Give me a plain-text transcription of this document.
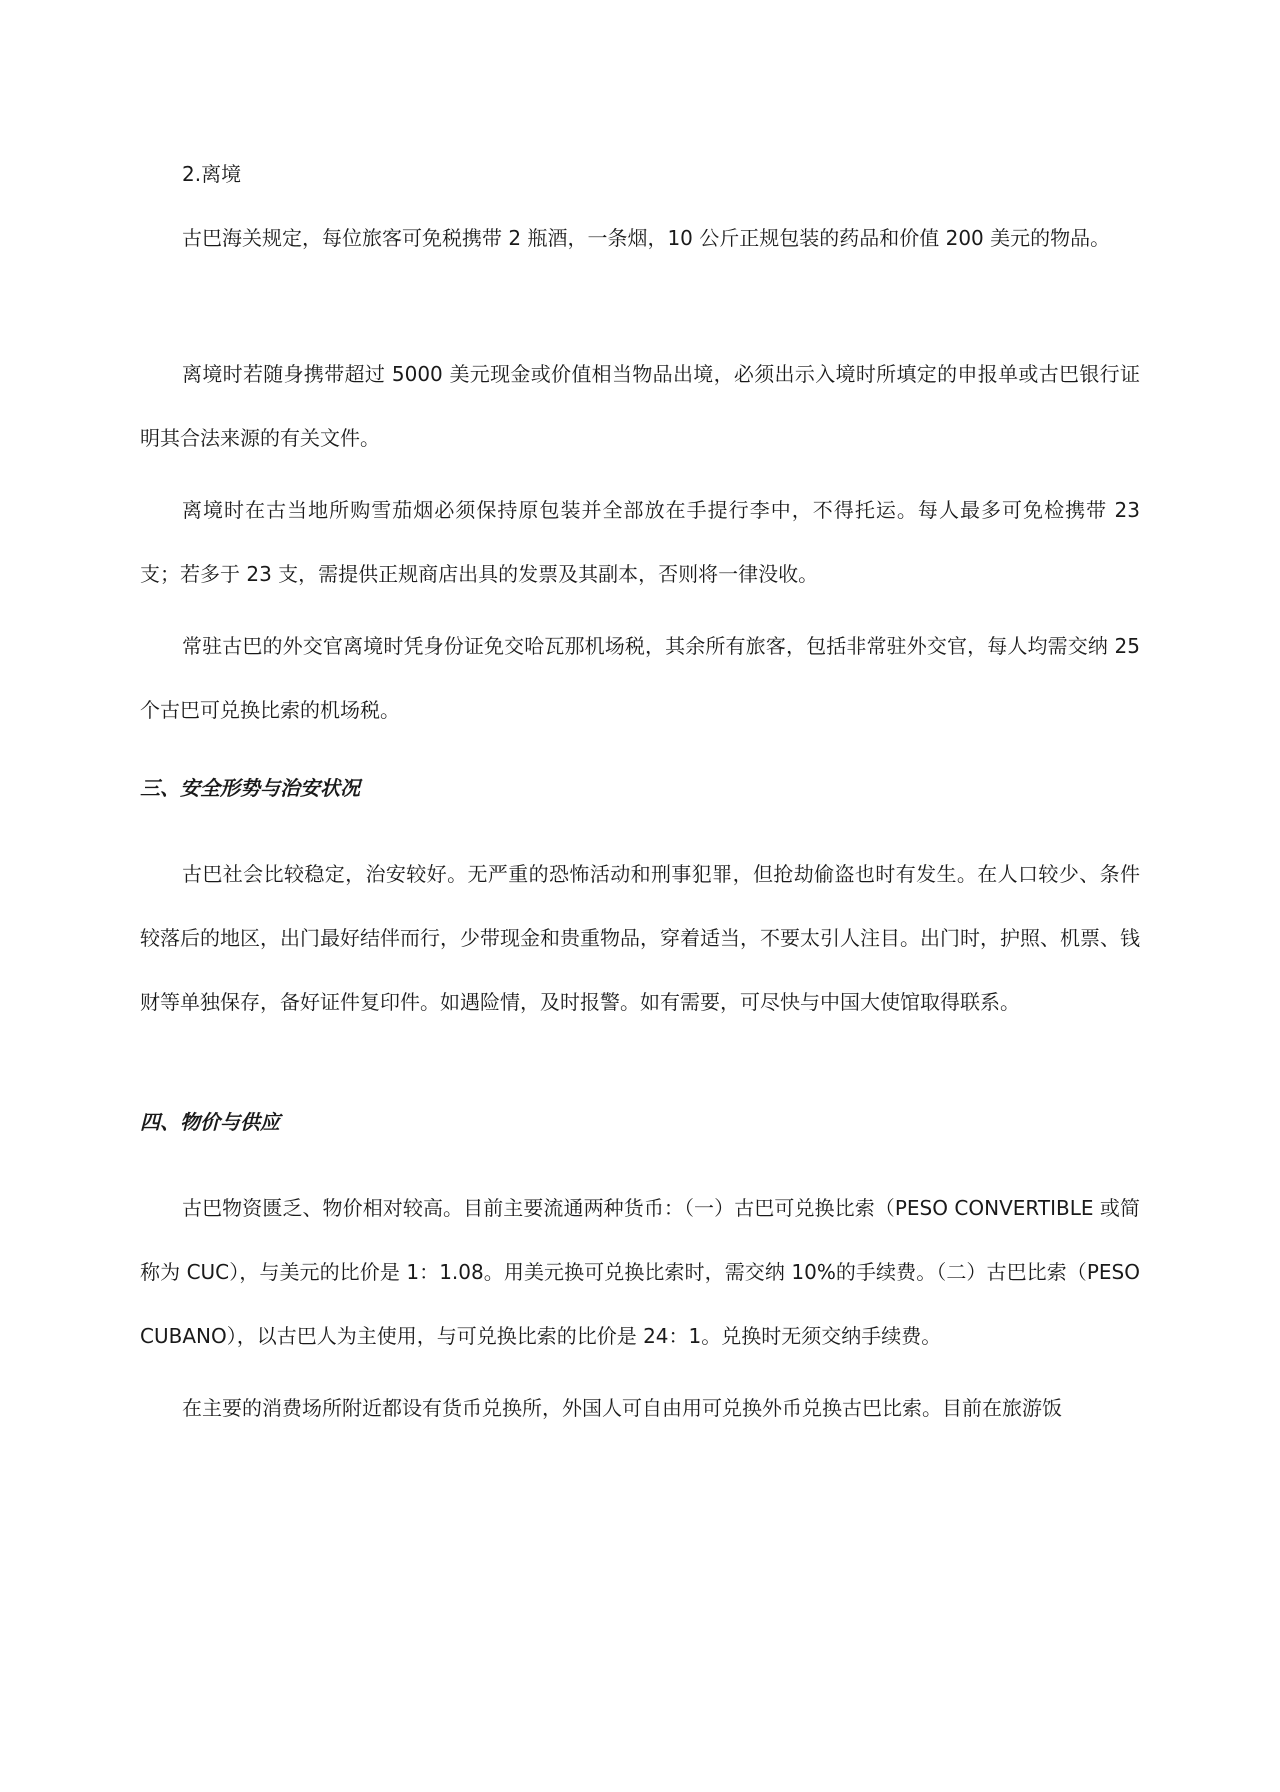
2.离境

古巴海关规定，每位旅客可免税携带 2 瓶酒，一条烟，10 公斤正规包装的药品和价值 200 美元的物品。

离境时若随身携带超过 5000 美元现金或价值相当物品出境，必须出示入境时所填定的申报单或古巴银行证明其合法来源的有关文件。

离境时在古当地所购雪茄烟必须保持原包装并全部放在手提行李中，不得托运。每人最多可免检携带 23 支；若多于 23 支，需提供正规商店出具的发票及其副本，否则将一律没收。

常驻古巴的外交官离境时凭身份证免交哈瓦那机场税，其余所有旅客，包括非常驻外交官，每人均需交纳 25 个古巴可兑换比索的机场税。

三、安全形势与治安状况

古巴社会比较稳定，治安较好。无严重的恐怖活动和刑事犯罪，但抢劫偷盗也时有发生。在人口较少、条件较落后的地区，出门最好结伴而行，少带现金和贵重物品，穿着适当，不要太引人注目。出门时，护照、机票、钱财等单独保存，备好证件复印件。如遇险情，及时报警。如有需要，可尽快与中国大使馆取得联系。

四、物价与供应

古巴物资匮乏、物价相对较高。目前主要流通两种货币：（一）古巴可兑换比索（PESO CONVERTIBLE 或简称为 CUC），与美元的比价是 1：1.08。用美元换可兑换比索时，需交纳 10%的手续费。（二）古巴比索（PESO CUBANO），以古巴人为主使用，与可兑换比索的比价是 24：1。兑换时无须交纳手续费。

在主要的消费场所附近都设有货币兑换所，外国人可自由用可兑换外币兑换古巴比索。目前在旅游饭
